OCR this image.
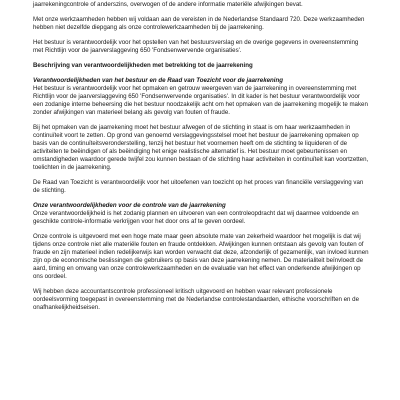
jaarrekeningcontrole of anderszins, overwogen of de andere informatie materiële afwijkingen bevat.

Met onze werkzaamheden hebben wij voldaan aan de vereisten in de Nederlandse Standaard 720. Deze werkzaamheden hebben niet dezelfde diepgang als onze controlewerkzaamheden bij de jaarrekening.

Het bestuur is verantwoordelijk voor het opstellen van het bestuursverslag en de overige gegevens in overeenstemming met Richtlijn voor de jaarverslaggeving 650 'Fondsenwervende organisaties'.

Beschrijving van verantwoordelijkheden met betrekking tot de jaarrekening

Verantwoordelijkheden van het bestuur en de Raad van Toezicht voor de jaarrekening

Het bestuur is verantwoordelijk voor het opmaken en getrouw weergeven van de jaarrekening in overeenstemming met Richtlijn voor de jaarverslaggeving 650 'Fondsenwervende organisaties'. In dit kader is het bestuur verantwoordelijk voor een zodanige interne beheersing die het bestuur noodzakelijk acht om het opmaken van de jaarrekening mogelijk te maken zonder afwijkingen van materieel belang als gevolg van fouten of fraude.

Bij het opmaken van de jaarrekening moet het bestuur afwegen of de stichting in staat is om haar werkzaamheden in continuïteit voort te zetten. Op grond van genoemd verslaggevingsstelsel moet het bestuur de jaarrekening opmaken op basis van de continuïteitsveronderstelling, tenzij het bestuur het voornemen heeft om de stichting te liquideren of de activiteiten te beëindigen of als beëindiging het enige realistische alternatief is. Het bestuur moet gebeurtenissen en omstandigheden waardoor gerede twijfel zou kunnen bestaan of de stichting haar activiteiten in continuïteit kan voortzetten, toelichten in de jaarrekening.

De Raad van Toezicht is verantwoordelijk voor het uitoefenen van toezicht op het proces van financiële verslaggeving van de stichting.

Onze verantwoordelijkheden voor de controle van de jaarrekening

Onze verantwoordelijkheid is het zodanig plannen en uitvoeren van een controleopdracht dat wij daarmee voldoende en geschikte controle-informatie verkrijgen voor het door ons af te geven oordeel.

Onze controle is uitgevoerd met een hoge mate maar geen absolute mate van zekerheid waardoor het mogelijk is dat wij tijdens onze controle niet alle materiële fouten en fraude ontdekken. Afwijkingen kunnen ontstaan als gevolg van fouten of fraude en zijn materieel indien redelijkerwijs kan worden verwacht dat deze, afzonderlijk of gezamenlijk, van invloed kunnen zijn op de economische beslissingen die gebruikers op basis van deze jaarrekening nemen. De materialiteit beïnvloedt de aard, timing en omvang van onze controlewerkzaamheden en de evaluatie van het effect van onderkende afwijkingen op ons oordeel.

Wij hebben deze accountantscontrole professioneel kritisch uitgevoerd en hebben waar relevant professionele oordeelsvorming toegepast in overeenstemming met de Nederlandse controlestandaarden, ethische voorschriften en de onafhankelijkheidseisen.
